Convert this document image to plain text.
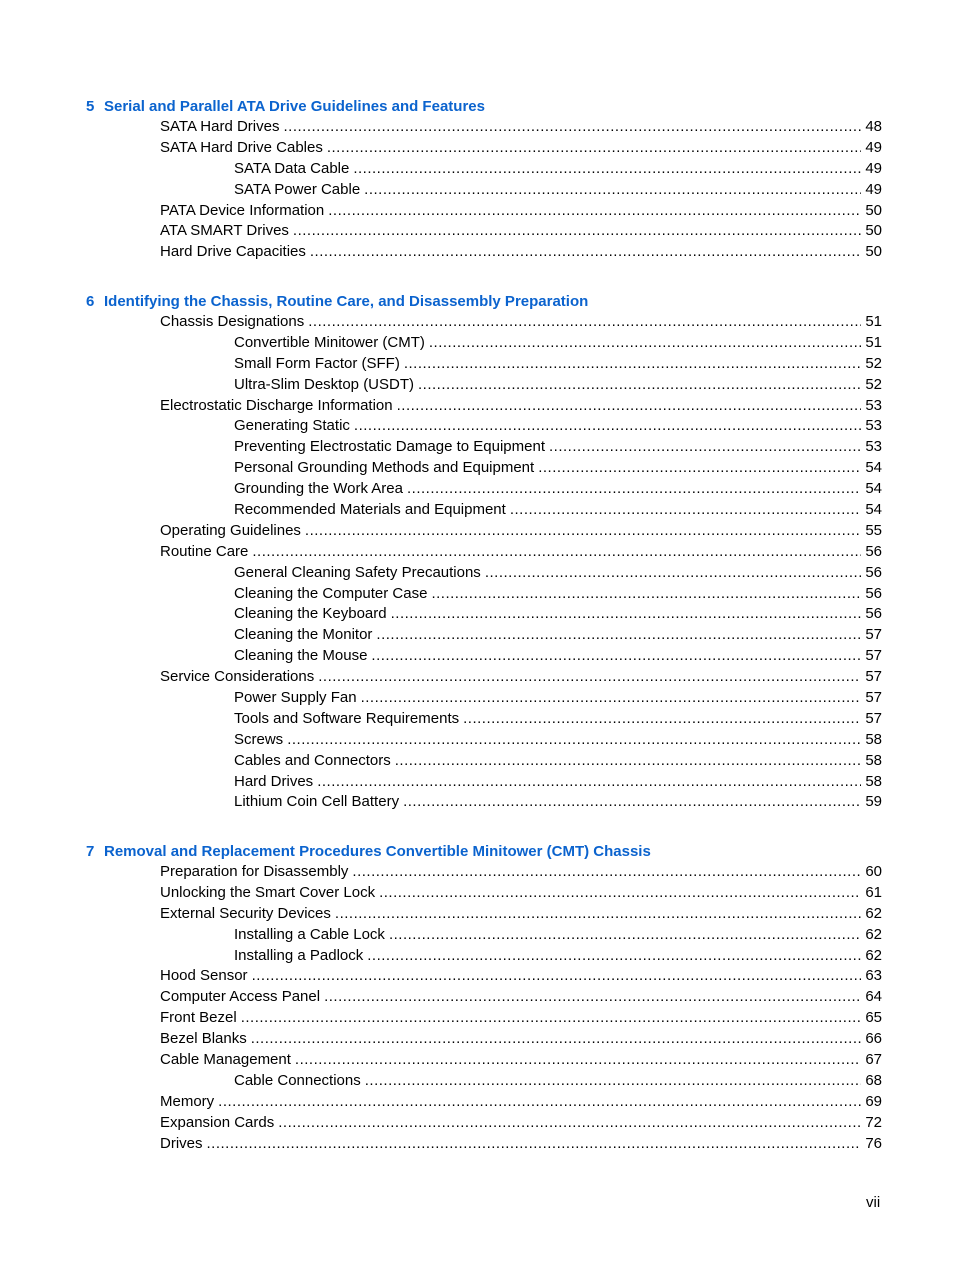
5 Serial and Parallel ATA Drive Guidelines and Features
SATA Hard Drives .....	48
SATA Hard Drive Cables .....	49
SATA Data Cable .....	49
SATA Power Cable .....	49
PATA Device Information .....	50
ATA SMART Drives .....	50
Hard Drive Capacities .....	50
6 Identifying the Chassis, Routine Care, and Disassembly Preparation
Chassis Designations .....	51
Convertible Minitower (CMT) .....	51
Small Form Factor (SFF) .....	52
Ultra-Slim Desktop (USDT) .....	52
Electrostatic Discharge Information .....	53
Generating Static .....	53
Preventing Electrostatic Damage to Equipment .....	53
Personal Grounding Methods and Equipment .....	54
Grounding the Work Area .....	54
Recommended Materials and Equipment .....	54
Operating Guidelines .....	55
Routine Care .....	56
General Cleaning Safety Precautions .....	56
Cleaning the Computer Case .....	56
Cleaning the Keyboard .....	56
Cleaning the Monitor .....	57
Cleaning the Mouse .....	57
Service Considerations .....	57
Power Supply Fan .....	57
Tools and Software Requirements .....	57
Screws .....	58
Cables and Connectors .....	58
Hard Drives .....	58
Lithium Coin Cell Battery .....	59
7 Removal and Replacement Procedures Convertible Minitower (CMT) Chassis
Preparation for Disassembly .....	60
Unlocking the Smart Cover Lock .....	61
External Security Devices .....	62
Installing a Cable Lock .....	62
Installing a Padlock .....	62
Hood Sensor .....	63
Computer Access Panel .....	64
Front Bezel .....	65
Bezel Blanks .....	66
Cable Management .....	67
Cable Connections .....	68
Memory .....	69
Expansion Cards .....	72
Drives .....	76
vii
